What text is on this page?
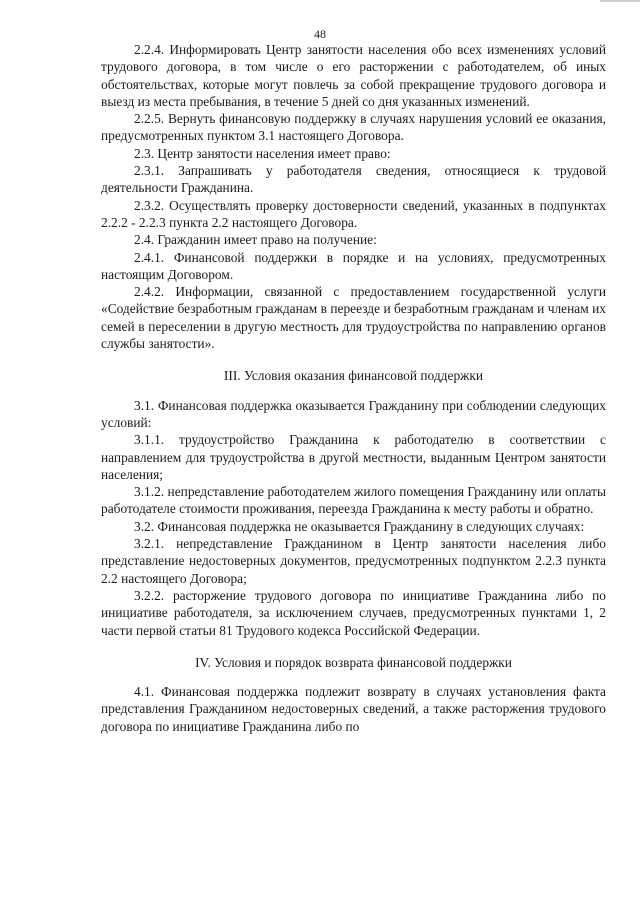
48

2.2.4. Информировать Центр занятости населения обо всех изменениях условий трудового договора, в том числе о его расторжении с работодателем, об иных обстоятельствах, которые могут повлечь за собой прекращение трудового договора и выезд из места пребывания, в течение 5 дней со дня указанных изменений.

2.2.5. Вернуть финансовую поддержку в случаях нарушения условий ее оказания, предусмотренных пунктом 3.1 настоящего Договора.

2.3. Центр занятости населения имеет право:

2.3.1. Запрашивать у работодателя сведения, относящиеся к трудовой деятельности Гражданина.

2.3.2. Осуществлять проверку достоверности сведений, указанных в подпунктах 2.2.2 - 2.2.3 пункта 2.2 настоящего Договора.

2.4. Гражданин имеет право на получение:

2.4.1. Финансовой поддержки в порядке и на условиях, предусмотренных настоящим Договором.

2.4.2. Информации, связанной с предоставлением государственной услуги «Содействие безработным гражданам в переезде и безработным гражданам и членам их семей в переселении в другую местность для трудоустройства по направлению органов службы занятости».

III. Условия оказания финансовой поддержки

3.1. Финансовая поддержка оказывается Гражданину при соблюдении следующих условий:

3.1.1. трудоустройство Гражданина к работодателю в соответствии с направлением для трудоустройства в другой местности, выданным Центром занятости населения;

3.1.2. непредставление работодателем жилого помещения Гражданину или оплаты работодателе стоимости проживания, переезда Гражданина к месту работы и обратно.

3.2. Финансовая поддержка не оказывается Гражданину в следующих случаях:

3.2.1. непредставление Гражданином в Центр занятости населения либо представление недостоверных документов, предусмотренных подпунктом 2.2.3 пункта 2.2 настоящего Договора;

3.2.2. расторжение трудового договора по инициативе Гражданина либо по инициативе работодателя, за исключением случаев, предусмотренных пунктами 1, 2 части первой статьи 81 Трудового кодекса Российской Федерации.

IV. Условия и порядок возврата финансовой поддержки

4.1. Финансовая поддержка подлежит возврату в случаях установления факта представления Гражданином недостоверных сведений, а также расторжения трудового договора по инициативе Гражданина либо по
